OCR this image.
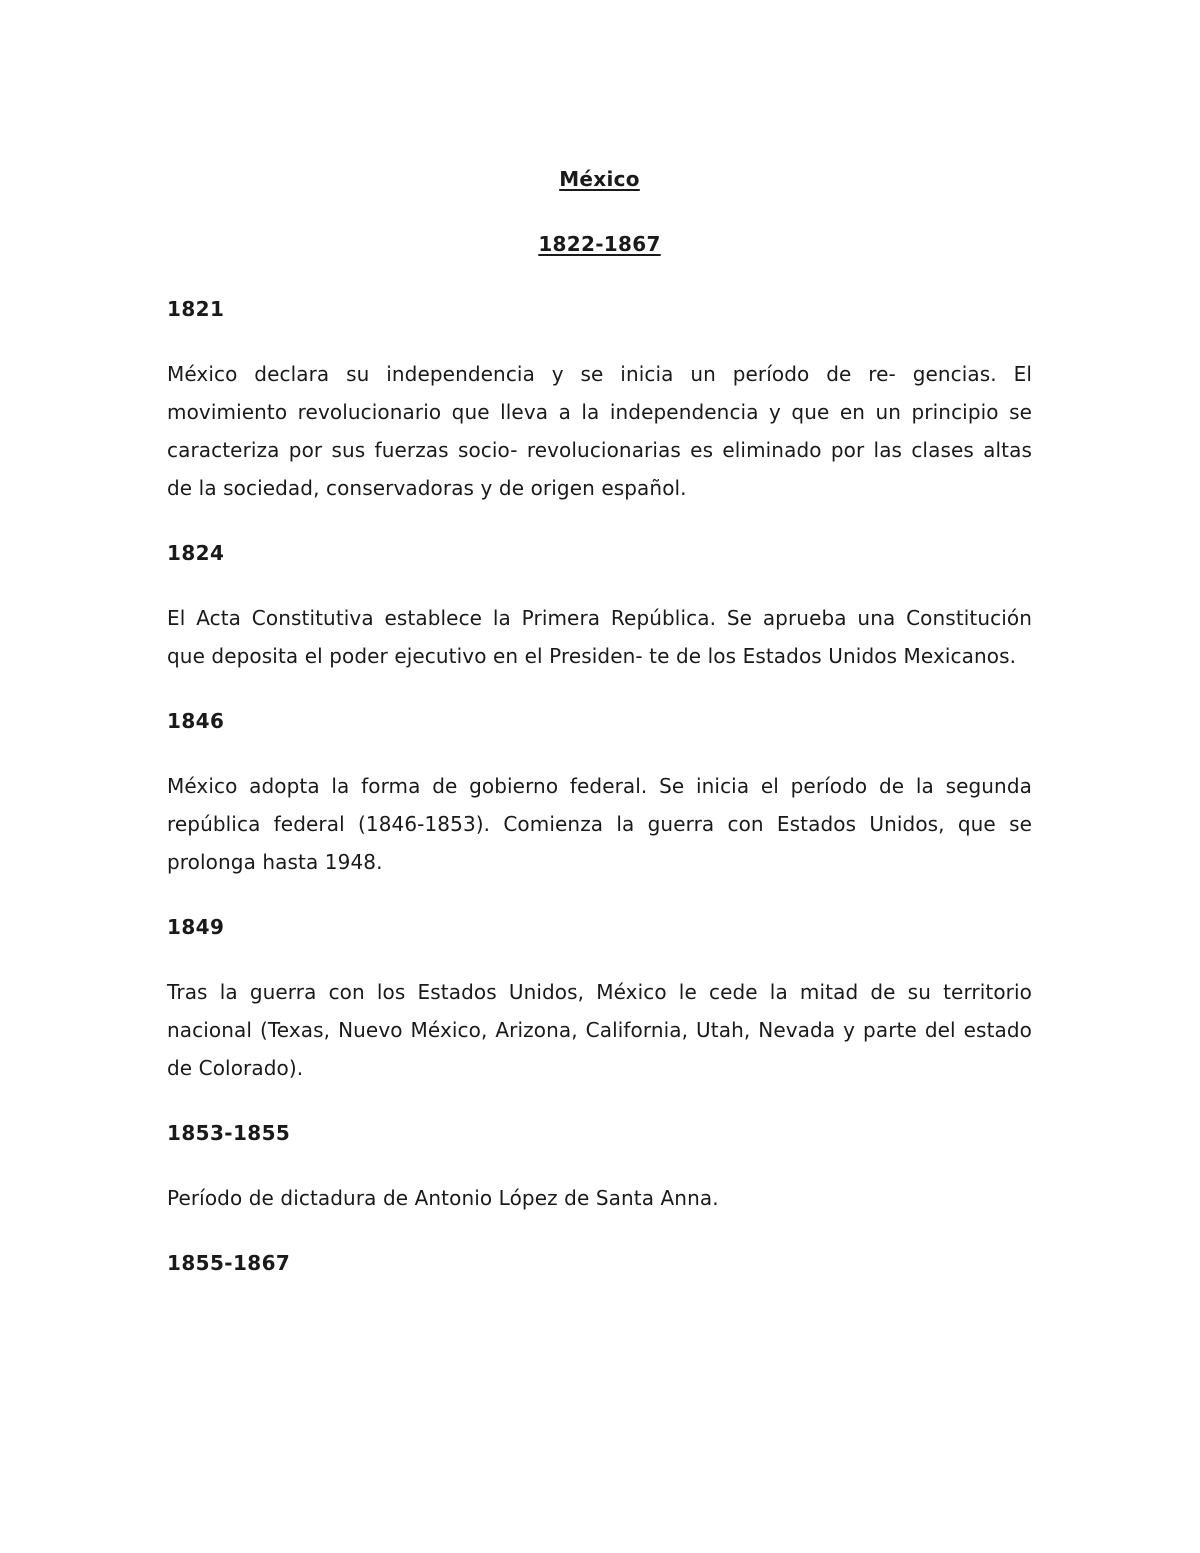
México

1822-1867

1821

México declara su independencia y se inicia un período de re- gencias. El movimiento revolucionario que lleva a la independencia y que en un principio se caracteriza por sus fuerzas socio- revolucionarias es eliminado por las clases altas de la sociedad, conservadoras y de origen español.

1824

El Acta Constitutiva establece la Primera República. Se aprueba una Constitución que deposita el poder ejecutivo en el Presiden- te de los Estados Unidos Mexicanos.

1846

México adopta la forma de gobierno federal. Se inicia el período de la segunda república federal (1846-1853). Comienza la guerra con Estados Unidos, que se prolonga hasta 1948.

1849

Tras la guerra con los Estados Unidos, México le cede la mitad de su territorio nacional (Texas, Nuevo México, Arizona, California, Utah, Nevada y parte del estado de Colorado).

1853-1855

Período de dictadura de Antonio López de Santa Anna.

1855-1867
